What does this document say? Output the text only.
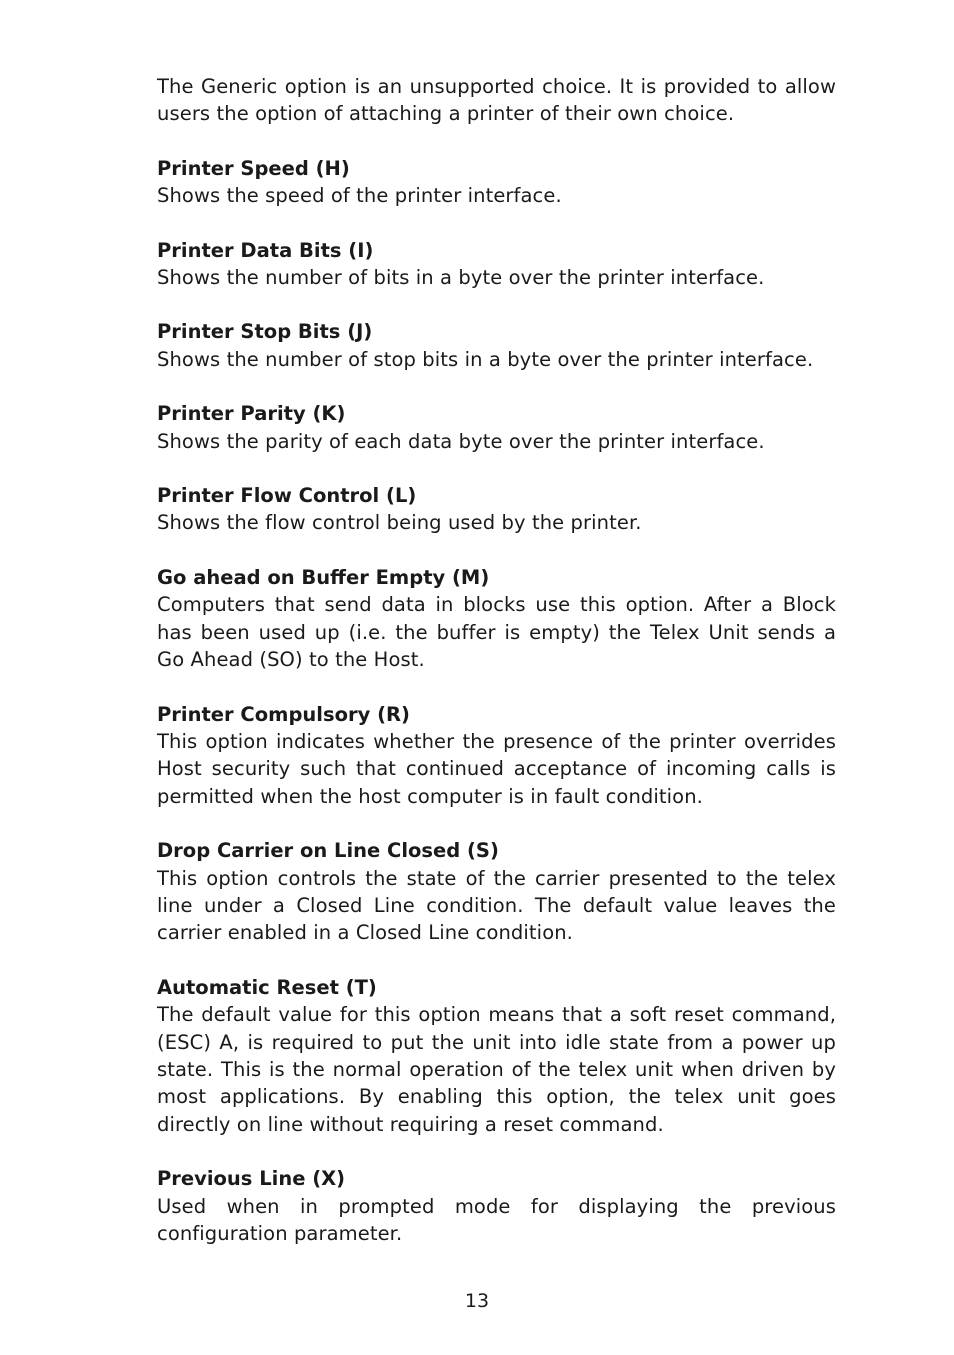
The Generic option is an unsupported choice. It is provided to allow users the option of attaching a printer of their own choice.

Printer Speed (H)

Shows the speed of the printer interface.

Printer Data Bits (I)

Shows the number of bits in a byte over the printer interface.

Printer Stop Bits (J)

Shows the number of stop bits in a byte over the printer interface.

Printer Parity (K)

Shows the parity of each data byte over the printer interface.

Printer Flow Control (L)

Shows the flow control being used by the printer.

Go ahead on Buffer Empty (M)

Computers that send data in blocks use this option. After a Block has been used up (i.e. the buffer is empty) the Telex Unit sends a Go Ahead (SO) to the Host.

Printer Compulsory (R)

This option indicates whether the presence of the printer overrides Host security such that continued acceptance of incoming calls is permitted when the host computer is in fault condition.

Drop Carrier on Line Closed (S)

This option controls the state of the carrier presented to the telex line under a Closed Line condition. The default value leaves the carrier enabled in a Closed Line condition.

Automatic Reset (T)

The default value for this option means that a soft reset command, (ESC) A, is required to put the unit into idle state from a power up state. This is the normal operation of the telex unit when driven by most applications. By enabling this option, the telex unit goes directly on line without requiring a reset command.

Previous Line (X)

Used when in prompted mode for displaying the previous configuration parameter.

13
